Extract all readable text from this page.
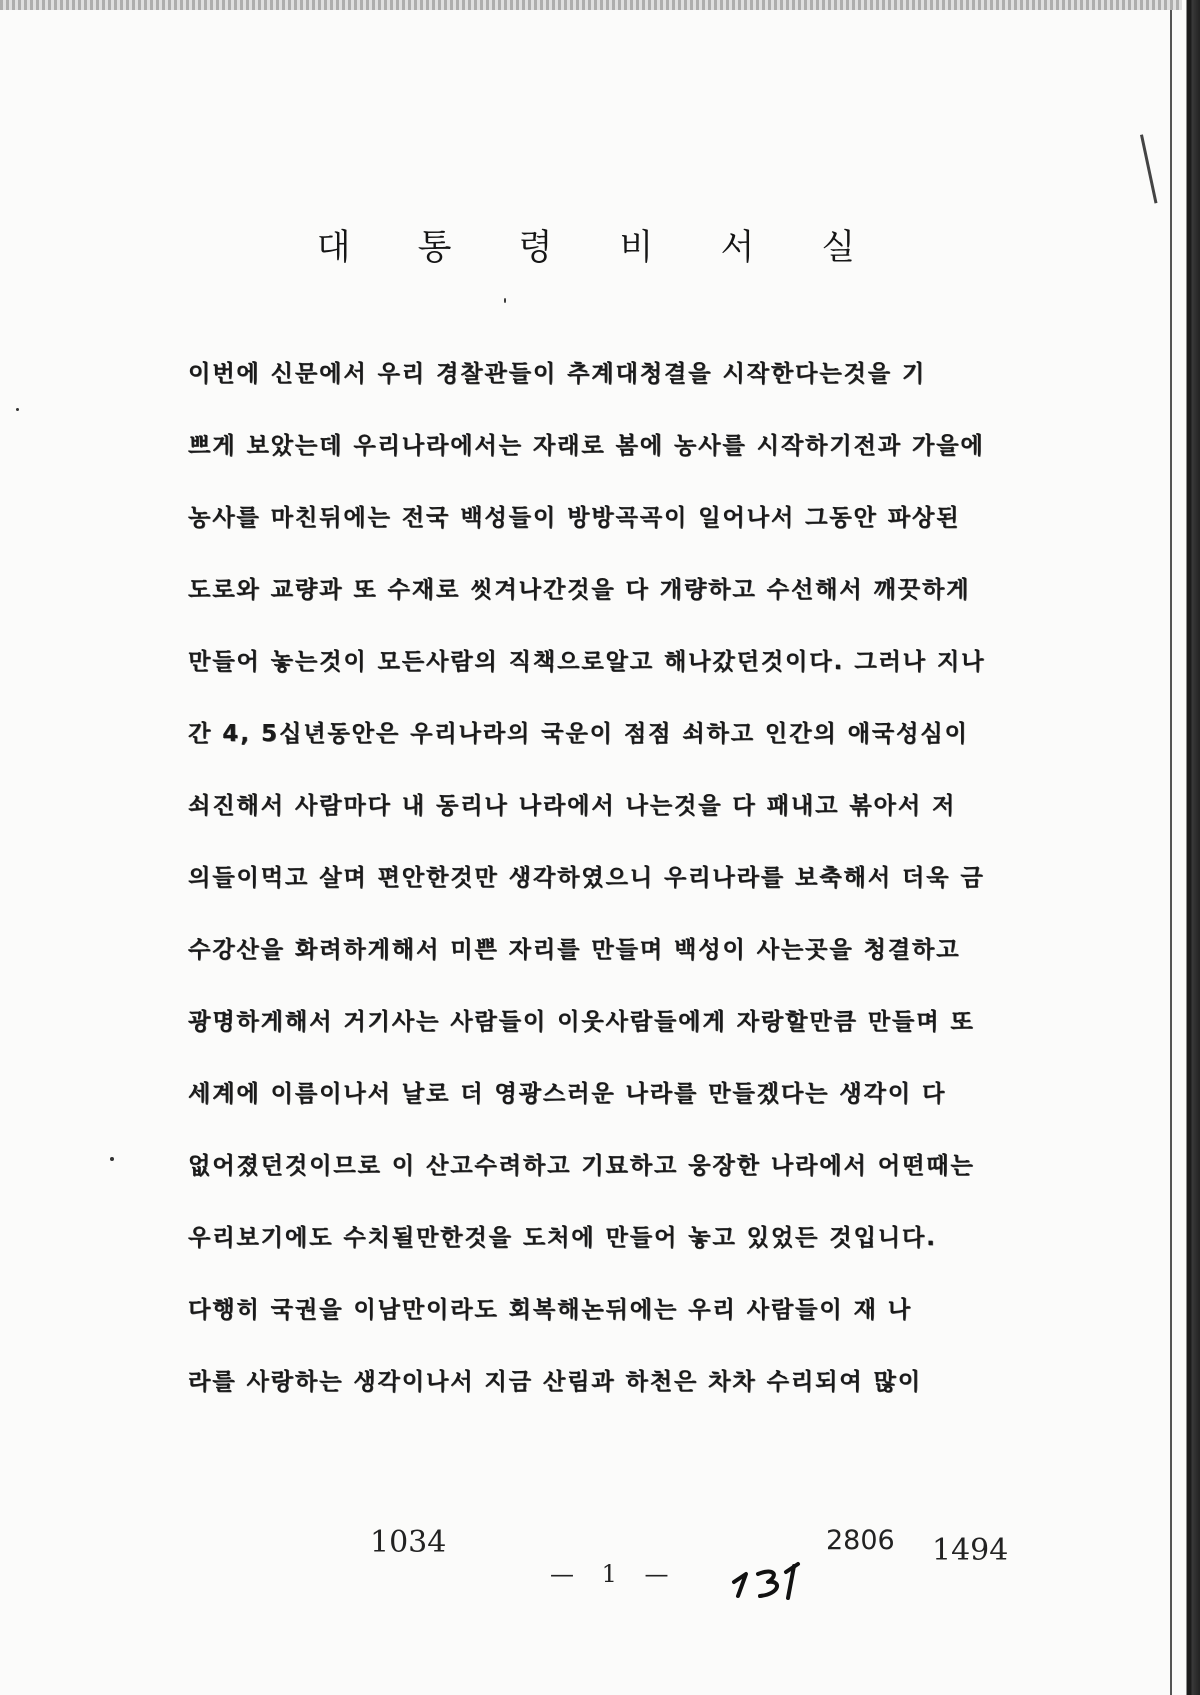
대 통 령 비 서 실
이번에 신문에서 우리 경찰관들이 추계대청결을 시작한다는것을 기
쁘게 보았는데 우리나라에서는 자래로 봄에 농사를 시작하기전과 가을에
농사를 마친뒤에는 전국 백성들이 방방곡곡이 일어나서 그동안 파상된
도로와 교량과 또 수재로 씻겨나간것을 다 개량하고 수선해서 깨끗하게
만들어 놓는것이 모든사람의 직책으로알고 해나갔던것이다. 그러나 지나
간 4, 5십년동안은 우리나라의 국운이 점점 쇠하고 인간의 애국성심이
쇠진해서 사람마다 내 동리나 나라에서 나는것을 다 패내고 볶아서 저
의들이먹고 살며 편안한것만 생각하였으니 우리나라를 보축해서 더욱 금
수강산을 화려하게해서 미쁜 자리를 만들며 백성이 사는곳을 청결하고
광명하게해서 거기사는 사람들이 이웃사람들에게 자랑할만큼 만들며 또
세계에 이름이나서 날로 더 영광스러운 나라를 만들겠다는 생각이 다
없어졌던것이므로 이 산고수려하고 기묘하고 웅장한 나라에서 어떤때는
우리보기에도 수치될만한것을 도처에 만들어 놓고 있었든 것입니다.
다행히 국권을 이남만이라도 회복해논뒤에는 우리 사람들이 재 나
라를 사랑하는 생각이나서 지금 산림과 하천은 차차 수리되여 많이
1034	2806 1494
— 1 —
